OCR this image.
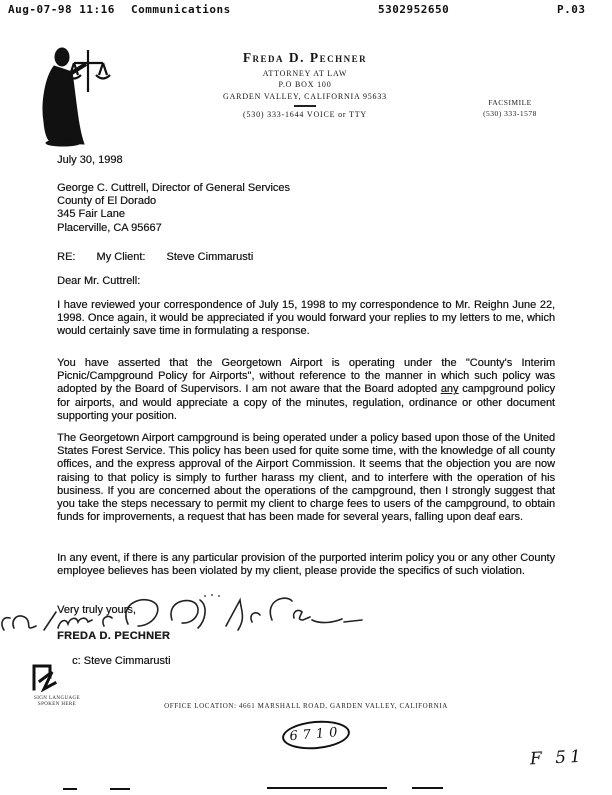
Aug-07-98 11:16 Communications	5302952650	P.03
Freda D. Pechner
ATTORNEY AT LAW
P.O BOX 100
GARDEN VALLEY, CALIFORNIA 95633
(530) 333-1644 VOICE or TTY
FACSIMILE
(530) 333-1578
July 30, 1998
George C. Cuttrell, Director of General Services
County of El Dorado
345 Fair Lane
Placerville, CA 95667
RE: My Client: Steve Cimmarusti
Dear Mr. Cuttrell:

I have reviewed your correspondence of July 15, 1998 to my correspondence to Mr. Reighn June 22, 1998. Once again, it would be appreciated if you would forward your replies to my letters to me, which would certainly save time in formulating a response.

You have asserted that the Georgetown Airport is operating under the "County's Interim Picnic/Campground Policy for Airports", without reference to the manner in which such policy was adopted by the Board of Supervisors. I am not aware that the Board adopted any campground policy for airports, and would appreciate a copy of the minutes, regulation, ordinance or other document supporting your position.

The Georgetown Airport campground is being operated under a policy based upon those of the United States Forest Service. This policy has been used for quite some time, with the knowledge of all county offices, and the express approval of the Airport Commission. It seems that the objection you are now raising to that policy is simply to further harass my client, and to interfere with the operation of his business. If you are concerned about the operations of the campground, then I strongly suggest that you take the steps necessary to permit my client to charge fees to users of the campground, to obtain funds for improvements, a request that has been made for several years, falling upon deaf ears.

In any event, if there is any particular provision of the purported interim policy you or any other County employee believes has been violated by my client, please provide the specifics of such violation.

Very truly yours,
FREDA D. PECHNER
c: Steve Cimmarusti
SIGN LANGUAGE
SPOKEN HERE	OFFICE LOCATION: 4661 MARSHALL ROAD, GARDEN VALLEY, CALIFORNIA
6710
F 51
